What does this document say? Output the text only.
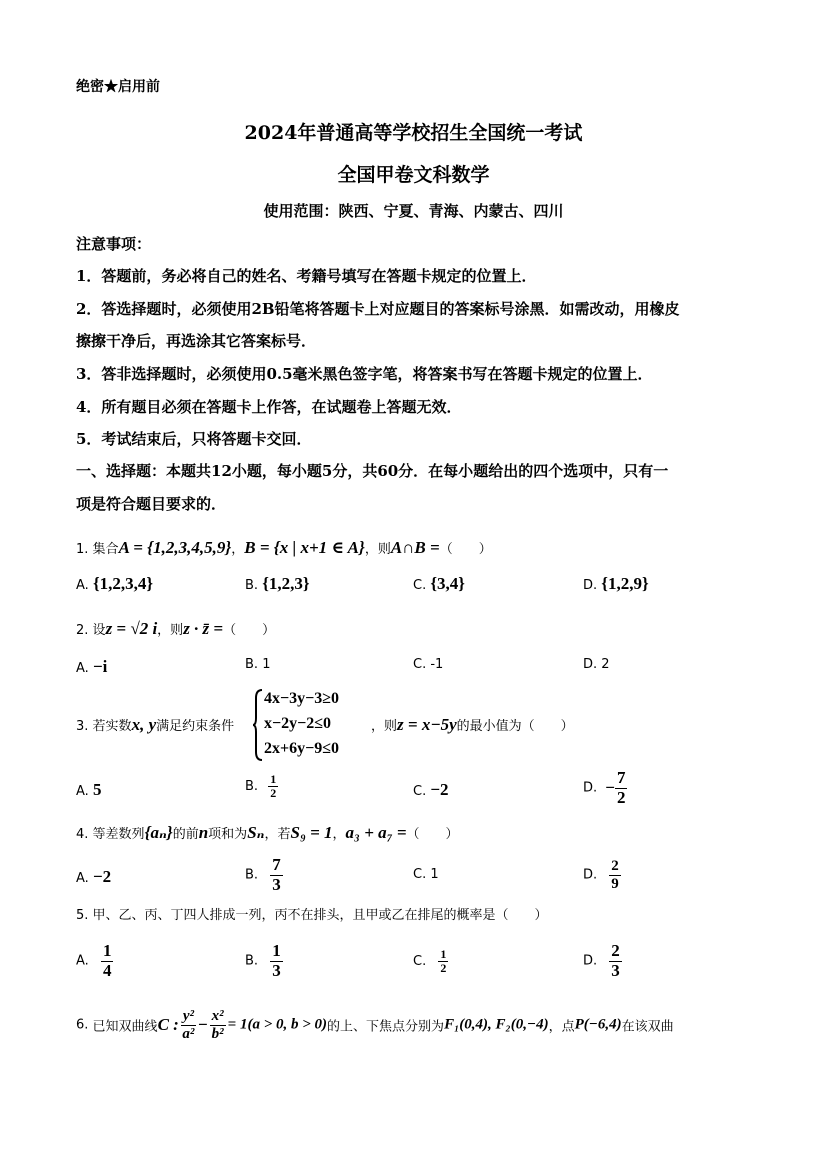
绝密★启用前
2024年普通高等学校招生全国统一考试
全国甲卷文科数学
使用范围：陕西、宁夏、青海、内蒙古、四川
注意事项：
1．答题前，务必将自己的姓名、考籍号填写在答题卡规定的位置上．
2．答选择题时，必须使用2B铅笔将答题卡上对应题目的答案标号涂黑．如需改动，用橡皮
擦擦干净后，再选涂其它答案标号．
3．答非选择题时，必须使用0.5毫米黑色签字笔，将答案书写在答题卡规定的位置上．
4．所有题目必须在答题卡上作答，在试题卷上答题无效．
5．考试结束后，只将答题卡交回．
一、选择题：本题共12小题，每小题5分，共60分．在每小题给出的四个选项中，只有一
项是符合题目要求的．
1. 集合A = {1,2,3,4,5,9}，B = {x | x+1 ∈ A}，则A∩B =（　　）
A. {1,2,3,4}	B. {1,2,3}	C. {3,4}	D. {1,2,9}
2. 设z = √2 i，则z · z̄ =（　　）
A. −i	B. 1	C. -1	D. 2
3. 若实数x, y满足约束条件
4x−3y−3≥0
x−2y−2≤0
2x+6y−9≤0
，则z = x−5y的最小值为（　　）
A. 5	B. $\frac{1}{2}$	C. −2	D. − $\frac{7}{2}$
4. 等差数列{aₙ}的前n项和为Sₙ，若S₉ = 1，a₃ + a₇ =（　　）
A. −2	B. $\frac{7}{3}$	C. 1	D. $\frac{2}{9}$
5. 甲、乙、丙、丁四人排成一列，丙不在排头，且甲或乙在排尾的概率是（　　）
A. $\frac{1}{4}$	B. $\frac{1}{3}$	C. $\frac{1}{2}$	D. $\frac{2}{3}$
6. 已知双曲线C : $\frac{\text{y²}}{\text{a²}} - \frac{\text{x²}}{\text{b²}} = 1(a > 0$, b > 0)的上、下焦点分别为F₁(0,4), F₂(0,−4)，点P(−6,4)在该双曲
